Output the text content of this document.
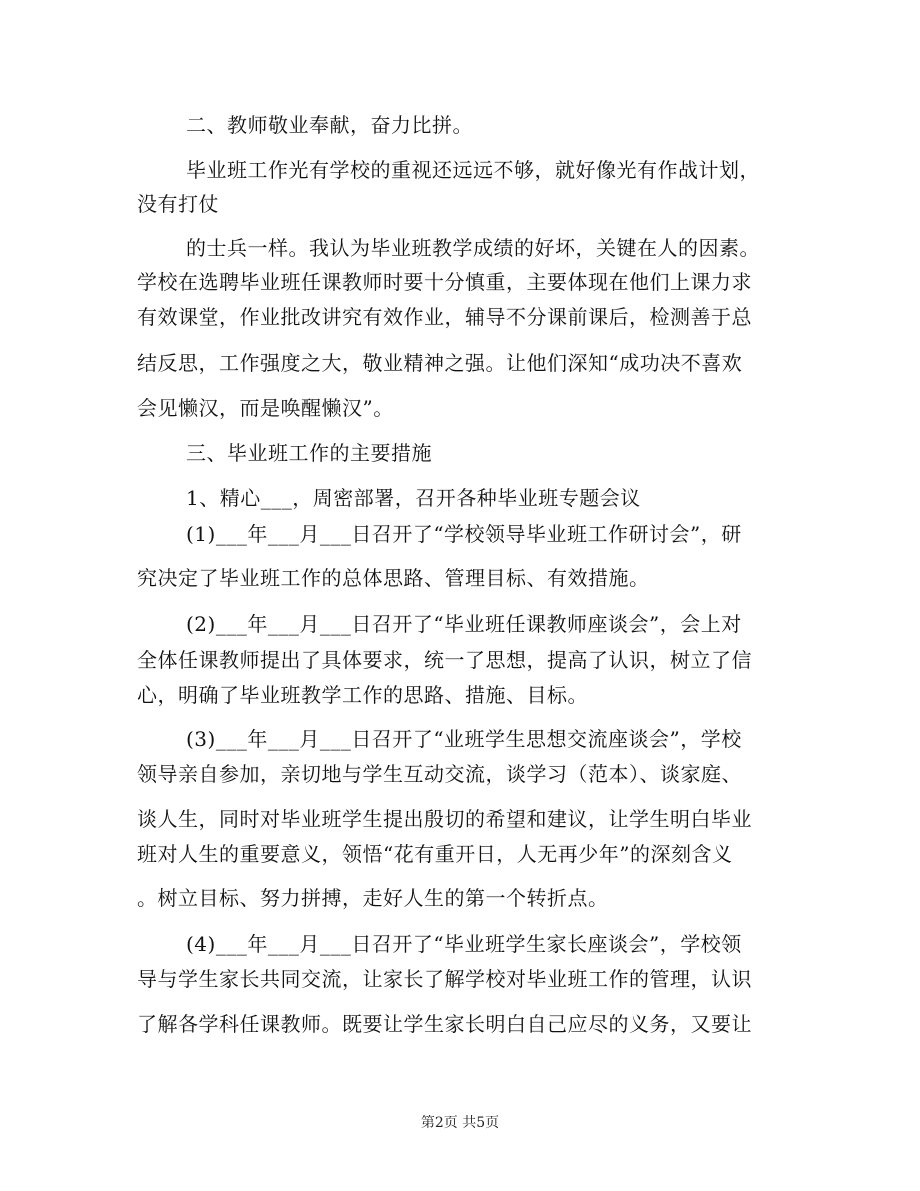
二、教师敬业奉献，奋力比拼。
毕业班工作光有学校的重视还远远不够，就好像光有作战计划，
没有打仗
的士兵一样。我认为毕业班教学成绩的好坏，关键在人的因素。
学校在选聘毕业班任课教师时要十分慎重，主要体现在他们上课力求
有效课堂，作业批改讲究有效作业，辅导不分课前课后，检测善于总
结反思，工作强度之大，敬业精神之强。让他们深知“成功决不喜欢
会见懒汉，而是唤醒懒汉”。
三、毕业班工作的主要措施
1、精心___，周密部署，召开各种毕业班专题会议
(1)___年___月___日召开了“学校领导毕业班工作研讨会”，研
究决定了毕业班工作的总体思路、管理目标、有效措施。
(2)___年___月___日召开了“毕业班任课教师座谈会”，会上对
全体任课教师提出了具体要求，统一了思想，提高了认识，树立了信
心，明确了毕业班教学工作的思路、措施、目标。
(3)___年___月___日召开了“业班学生思想交流座谈会”，学校
领导亲自参加，亲切地与学生互动交流，谈学习（范本）、谈家庭、
谈人生，同时对毕业班学生提出殷切的希望和建议，让学生明白毕业
班对人生的重要意义，领悟“花有重开日，人无再少年”的深刻含义
。树立目标、努力拼搏，走好人生的第一个转折点。
(4)___年___月___日召开了“毕业班学生家长座谈会”，学校领
导与学生家长共同交流，让家长了解学校对毕业班工作的管理，认识
了解各学科任课教师。既要让学生家长明白自己应尽的义务，又要让
第2页 共5页
